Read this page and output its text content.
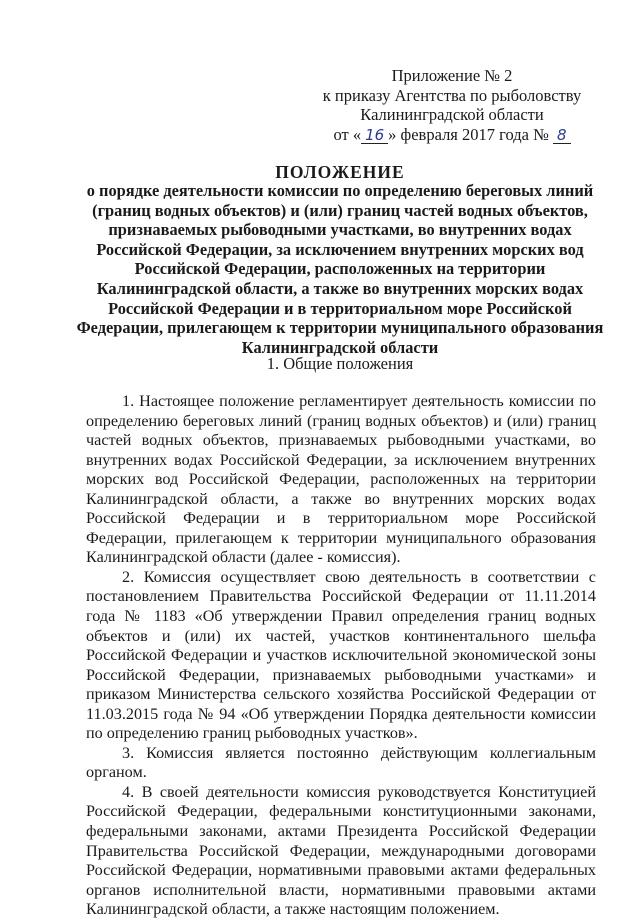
Приложение № 2
к приказу Агентства по рыболовству
Калининградской области
от « 16 » февраля 2017 года № 8
ПОЛОЖЕНИЕ
о порядке деятельности комиссии по определению береговых линий (границ водных объектов) и (или) границ частей водных объектов, признаваемых рыбоводными участками, во внутренних водах Российской Федерации, за исключением внутренних морских вод Российской Федерации, расположенных на территории Калининградской области, а также во внутренних морских водах Российской Федерации и в территориальном море Российской Федерации, прилегающем к территории муниципального образования Калининградской области
1. Общие положения

1. Настоящее положение регламентирует деятельность комиссии по определению береговых линий (границ водных объектов) и (или) границ частей водных объектов, признаваемых рыбоводными участками, во внутренних водах Российской Федерации, за исключением внутренних морских вод Российской Федерации, расположенных на территории Калининградской области, а также во внутренних морских водах Российской Федерации и в территориальном море Российской Федерации, прилегающем к территории муниципального образования Калининградской области (далее - комиссия).

2. Комиссия осуществляет свою деятельность в соответствии с постановлением Правительства Российской Федерации от 11.11.2014 года № 1183 «Об утверждении Правил определения границ водных объектов и (или) их частей, участков континентального шельфа Российской Федерации и участков исключительной экономической зоны Российской Федерации, признаваемых рыбоводными участками» и приказом Министерства сельского хозяйства Российской Федерации от 11.03.2015 года № 94 «Об утверждении Порядка деятельности комиссии по определению границ рыбоводных участков».

3. Комиссия является постоянно действующим коллегиальным органом.

4. В своей деятельности комиссия руководствуется Конституцией Российской Федерации, федеральными конституционными законами, федеральными законами, актами Президента Российской Федерации Правительства Российской Федерации, международными договорами Российской Федерации, нормативными правовыми актами федеральных органов исполнительной власти, нормативными правовыми актами Калининградской области, а также настоящим положением.
